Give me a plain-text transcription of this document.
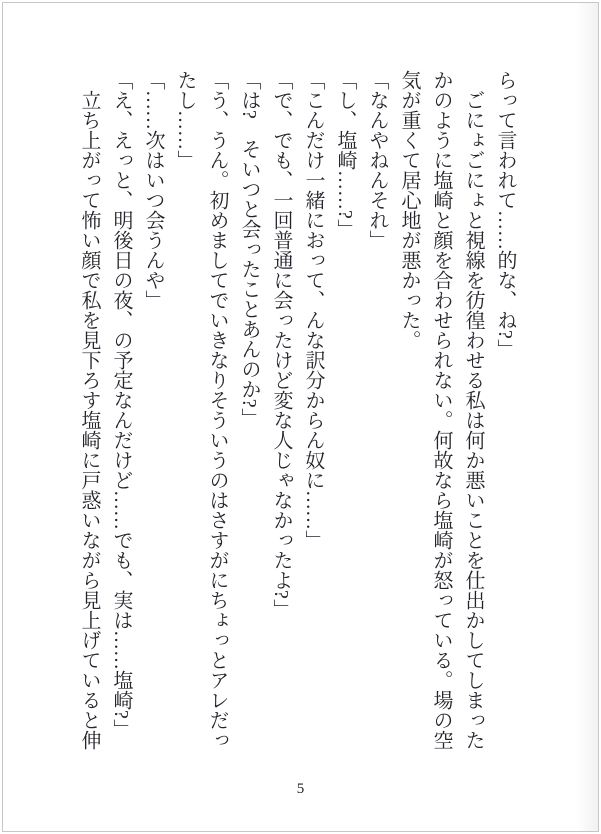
らって言われて……的な、ね?」

ごにょごにょと視線を彷徨わせる私は何か悪いことを仕出かしてしまった

かのように塩崎と顔を合わせられない。何故なら塩崎が怒っている。場の空

気が重くて居心地が悪かった。

「なんやねんそれ」

「し、塩崎……?」

「こんだけ一緒におって、んな訳分からん奴に……」

「で、でも、一回普通に会ったけど変な人じゃなかったよ?」

「は?　そいつと会ったことあんのか?」

「う、うん。初めましてでいきなりそういうのはさすがにちょっとアレだっ

たし……」

「……次はいつ会うんや」

「え、えっと、明後日の夜、の予定なんだけど……でも、実は……塩崎?」

立ち上がって怖い顔で私を見下ろす塩崎に戸惑いながら見上げていると伸

5
